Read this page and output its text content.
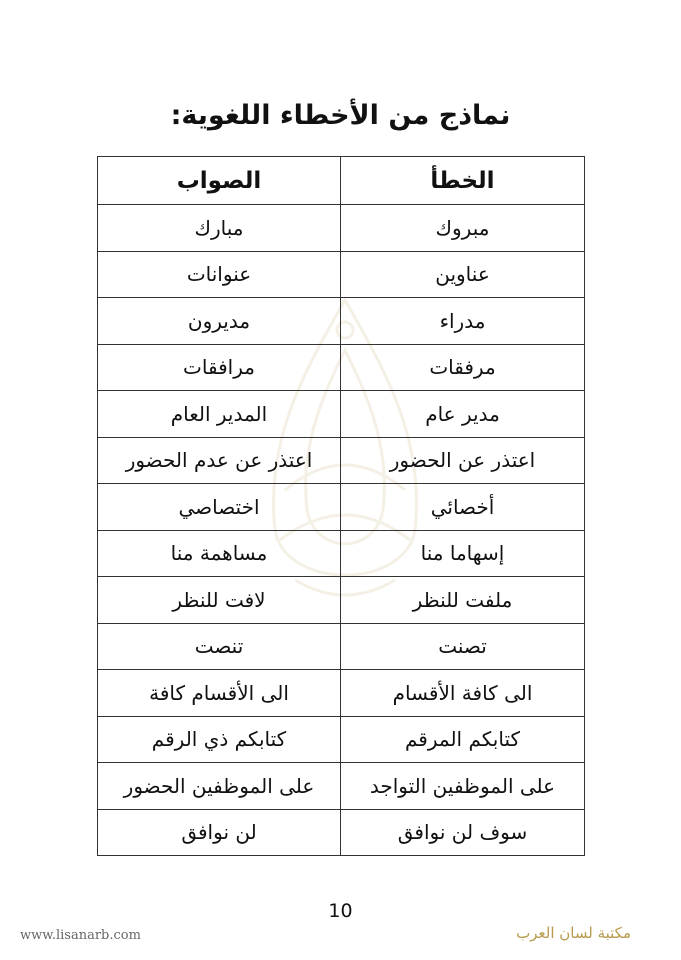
نماذج من الأخطاء اللغوية:
الخطأ	الصواب
مبروك	مبارك
عناوين	عنوانات
مدراء	مديرون
مرفقات	مرافقات
مدير عام	المدير العام
اعتذر عن الحضور	اعتذر عن عدم الحضور
أخصائي	اختصاصي
إسهاما منا	مساهمة منا
ملفت للنظر	لافت للنظر
تصنت	تنصت
الى كافة الأقسام	الى الأقسام كافة
كتابكم المرقم	كتابكم ذي الرقم
على الموظفين التواجد	على الموظفين الحضور
سوف لن نوافق	لن نوافق
10
www.lisanarb.com	مكتبة لسان العرب
